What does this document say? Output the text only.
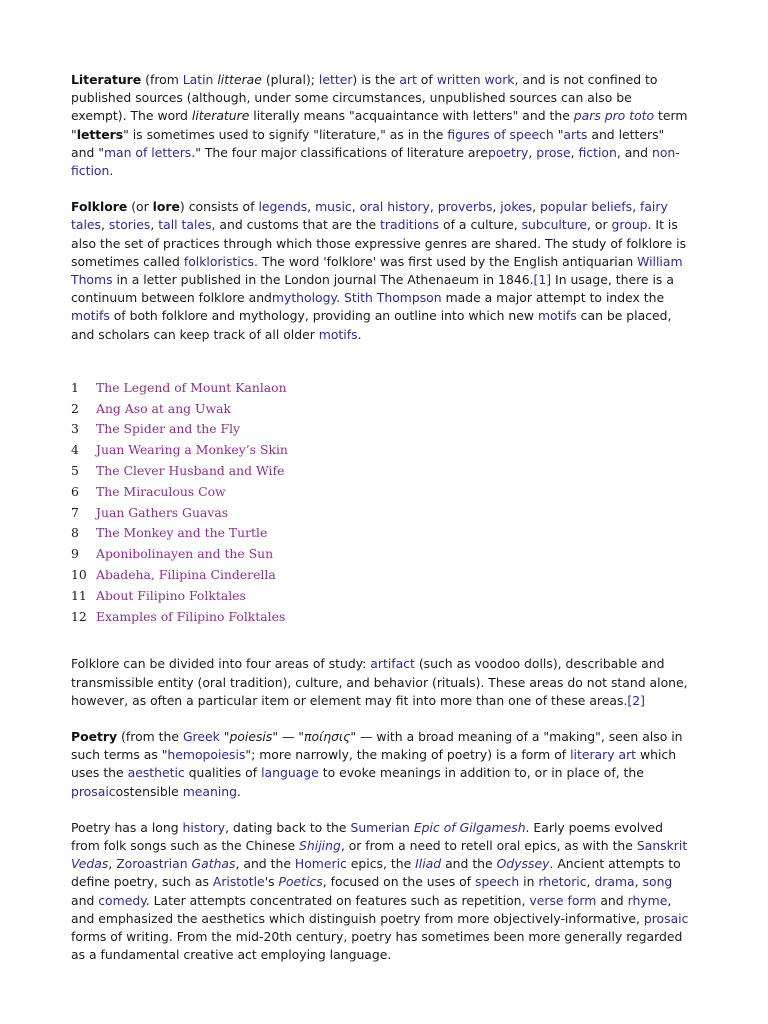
Literature (from Latin litterae (plural); letter) is the art of written work, and is not confined to published sources (although, under some circumstances, unpublished sources can also be exempt). The word literature literally means "acquaintance with letters" and the pars pro toto term "letters" is sometimes used to signify "literature," as in the figures of speech "arts and letters" and "man of letters." The four major classifications of literature arepoetry, prose, fiction, and non-fiction.

Folklore (or lore) consists of legends, music, oral history, proverbs, jokes, popular beliefs, fairy tales, stories, tall tales, and customs that are the traditions of a culture, subculture, or group. It is also the set of practices through which those expressive genres are shared. The study of folklore is sometimes called folkloristics. The word 'folklore' was first used by the English antiquarian William Thoms in a letter published in the London journal The Athenaeum in 1846.[1] In usage, there is a continuum between folklore andmythology. Stith Thompson made a major attempt to index the motifs of both folklore and mythology, providing an outline into which new motifs can be placed, and scholars can keep track of all older motifs.

1	The Legend of Mount Kanlaon
2	Ang Aso at ang Uwak
3	The Spider and the Fly
4	Juan Wearing a Monkey’s Skin
5	The Clever Husband and Wife
6	The Miraculous Cow
7	Juan Gathers Guavas
8	The Monkey and the Turtle
9	Aponibolinayen and the Sun
10 Abadeha, Filipina Cinderella
11 About Filipino Folktales
12 Examples of Filipino Folktales

Folklore can be divided into four areas of study: artifact (such as voodoo dolls), describable and transmissible entity (oral tradition), culture, and behavior (rituals). These areas do not stand alone, however, as often a particular item or element may fit into more than one of these areas.[2]

Poetry (from the Greek "poiesis" — "ποίησις" — with a broad meaning of a "making", seen also in such terms as "hemopoiesis"; more narrowly, the making of poetry) is a form of literary art which uses the aesthetic qualities of language to evoke meanings in addition to, or in place of, the prosaicostensible meaning.

Poetry has a long history, dating back to the Sumerian Epic of Gilgamesh. Early poems evolved from folk songs such as the Chinese Shijing, or from a need to retell oral epics, as with the Sanskrit Vedas, Zoroastrian Gathas, and the Homeric epics, the Iliad and the Odyssey. Ancient attempts to define poetry, such as Aristotle's Poetics, focused on the uses of speech in rhetoric, drama, song and comedy. Later attempts concentrated on features such as repetition, verse form and rhyme, and emphasized the aesthetics which distinguish poetry from more objectively-informative, prosaic forms of writing. From the mid-20th century, poetry has sometimes been more generally regarded as a fundamental creative act employing language.
